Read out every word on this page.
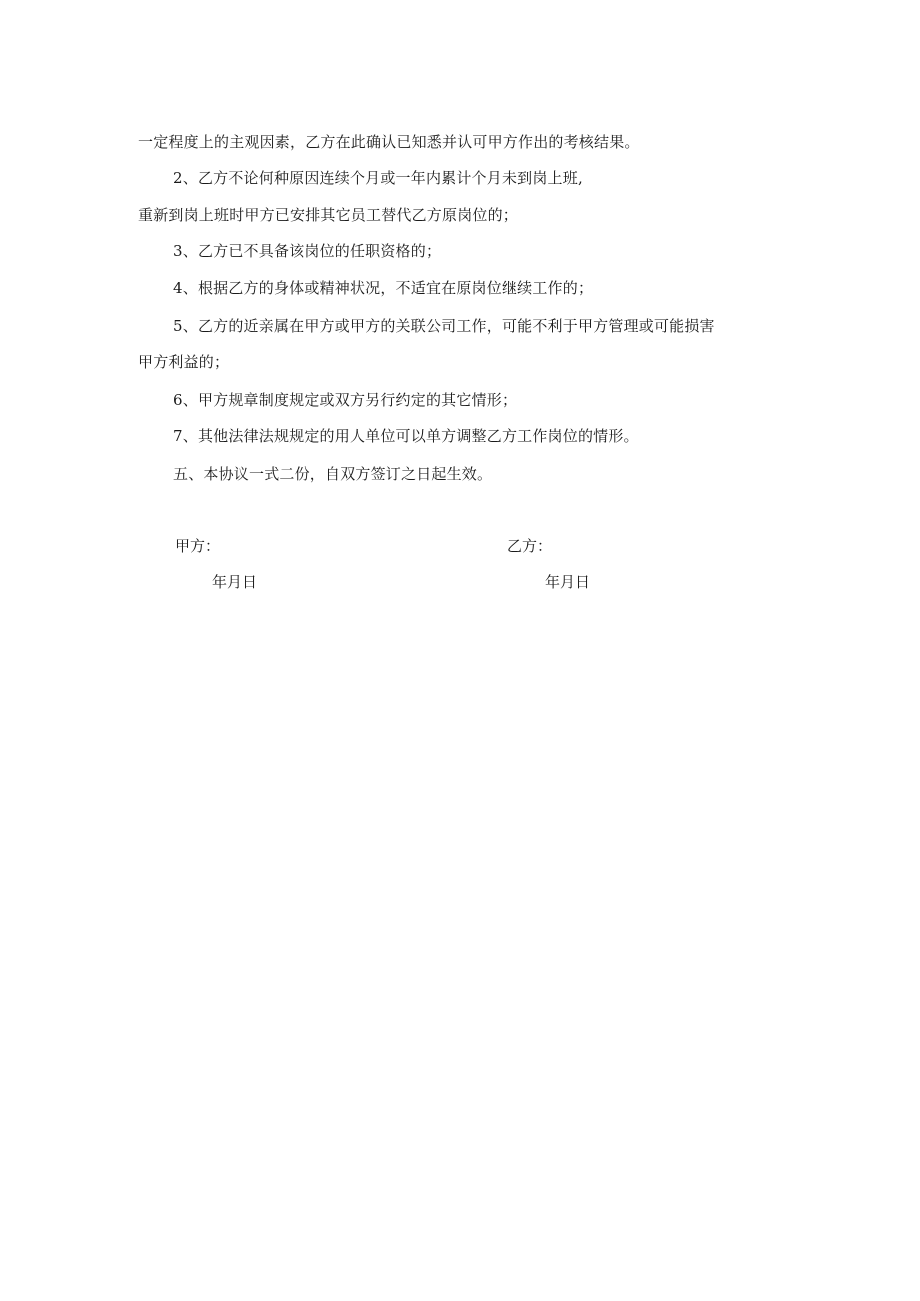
一定程度上的主观因素，乙方在此确认已知悉并认可甲方作出的考核结果。
2、乙方不论何种原因连续个月或一年内累计个月未到岗上班,
重新到岗上班时甲方已安排其它员工替代乙方原岗位的；
3、乙方已不具备该岗位的任职资格的；
4、根据乙方的身体或精神状况，不适宜在原岗位继续工作的；
5、乙方的近亲属在甲方或甲方的关联公司工作，可能不利于甲方管理或可能损害
甲方利益的；
6、甲方规章制度规定或双方另行约定的其它情形；
7、其他法律法规规定的用人单位可以单方调整乙方工作岗位的情形。
五、本协议一式二份，自双方签订之日起生效。
甲方：	乙方：
年月日	年月日
